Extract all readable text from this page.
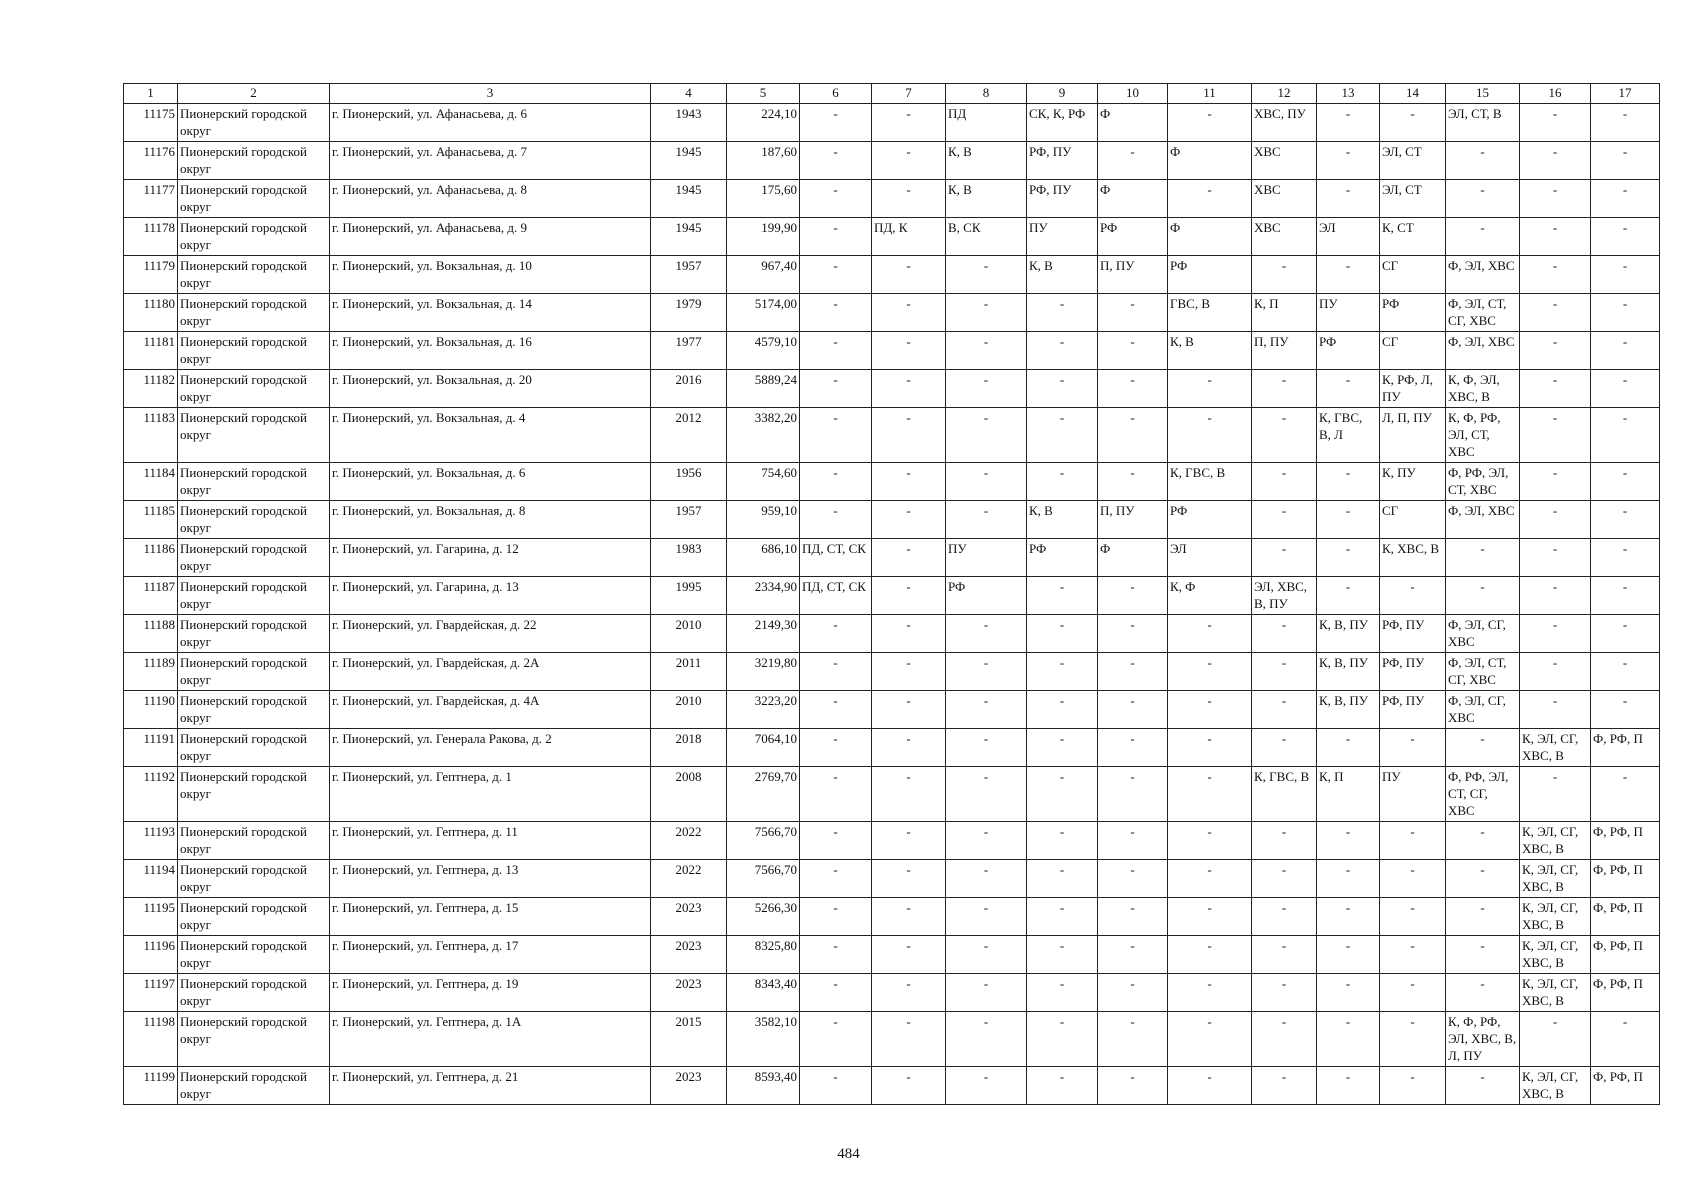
1	2	3	4	5	6	7	8	9	10	11	12	13	14	15	16	17
11175	Пионерский городской округ	г. Пионерский, ул. Афанасьева, д. 6	1943	224,10	-	-	ПД	СК, К, РФ	Ф	-	ХВС, ПУ	-	-	ЭЛ, СТ, В	-	-
11176	Пионерский городской округ	г. Пионерский, ул. Афанасьева, д. 7	1945	187,60	-	-	К, В	РФ, ПУ	-	Ф	ХВС	-	ЭЛ, СТ	-	-	-
11177	Пионерский городской округ	г. Пионерский, ул. Афанасьева, д. 8	1945	175,60	-	-	К, В	РФ, ПУ	Ф	-	ХВС	-	ЭЛ, СТ	-	-	-
11178	Пионерский городской округ	г. Пионерский, ул. Афанасьева, д. 9	1945	199,90	-	ПД, К	В, СК	ПУ	РФ	Ф	ХВС	ЭЛ	К, СТ	-	-	-
11179	Пионерский городской округ	г. Пионерский, ул. Вокзальная, д. 10	1957	967,40	-	-	-	К, В	П, ПУ	РФ	-	-	СГ	Ф, ЭЛ, ХВС	-	-
11180	Пионерский городской округ	г. Пионерский, ул. Вокзальная, д. 14	1979	5174,00	-	-	-	-	-	ГВС, В	К, П	ПУ	РФ	Ф, ЭЛ, СТ, СГ, ХВС	-	-
11181	Пионерский городской округ	г. Пионерский, ул. Вокзальная, д. 16	1977	4579,10	-	-	-	-	-	К, В	П, ПУ	РФ	СГ	Ф, ЭЛ, ХВС	-	-
11182	Пионерский городской округ	г. Пионерский, ул. Вокзальная, д. 20	2016	5889,24	-	-	-	-	-	-	-	-	К, РФ, Л, ПУ	К, Ф, ЭЛ, ХВС, В	-	-
11183	Пионерский городской округ	г. Пионерский, ул. Вокзальная, д. 4	2012	3382,20	-	-	-	-	-	-	-	К, ГВС, В, Л	Л, П, ПУ	К, Ф, РФ, ЭЛ, СТ, ХВС	-	-
11184	Пионерский городской округ	г. Пионерский, ул. Вокзальная, д. 6	1956	754,60	-	-	-	-	-	К, ГВС, В	-	-	К, ПУ	Ф, РФ, ЭЛ, СТ, ХВС	-	-
11185	Пионерский городской округ	г. Пионерский, ул. Вокзальная, д. 8	1957	959,10	-	-	-	К, В	П, ПУ	РФ	-	-	СГ	Ф, ЭЛ, ХВС	-	-
11186	Пионерский городской округ	г. Пионерский, ул. Гагарина, д. 12	1983	686,10	ПД, СТ, СК	-	ПУ	РФ	Ф	ЭЛ	-	-	К, ХВС, В	-	-	-
11187	Пионерский городской округ	г. Пионерский, ул. Гагарина, д. 13	1995	2334,90	ПД, СТ, СК	-	РФ	-	-	К, Ф	ЭЛ, ХВС, В, ПУ	-	-	-	-	-
11188	Пионерский городской округ	г. Пионерский, ул. Гвардейская, д. 22	2010	2149,30	-	-	-	-	-	-	-	К, В, ПУ	РФ, ПУ	Ф, ЭЛ, СГ, ХВС	-	-
11189	Пионерский городской округ	г. Пионерский, ул. Гвардейская, д. 2А	2011	3219,80	-	-	-	-	-	-	-	К, В, ПУ	РФ, ПУ	Ф, ЭЛ, СТ, СГ, ХВС	-	-
11190	Пионерский городской округ	г. Пионерский, ул. Гвардейская, д. 4А	2010	3223,20	-	-	-	-	-	-	-	К, В, ПУ	РФ, ПУ	Ф, ЭЛ, СГ, ХВС	-	-
11191	Пионерский городской округ	г. Пионерский, ул. Генерала Ракова, д. 2	2018	7064,10	-	-	-	-	-	-	-	-	-	-	К, ЭЛ, СГ, ХВС, В	Ф, РФ, П
11192	Пионерский городской округ	г. Пионерский, ул. Гептнера, д. 1	2008	2769,70	-	-	-	-	-	-	К, ГВС, В	К, П	ПУ	Ф, РФ, ЭЛ, СТ, СГ, ХВС	-	-
11193	Пионерский городской округ	г. Пионерский, ул. Гептнера, д. 11	2022	7566,70	-	-	-	-	-	-	-	-	-	-	К, ЭЛ, СГ, ХВС, В	Ф, РФ, П
11194	Пионерский городской округ	г. Пионерский, ул. Гептнера, д. 13	2022	7566,70	-	-	-	-	-	-	-	-	-	-	К, ЭЛ, СГ, ХВС, В	Ф, РФ, П
11195	Пионерский городской округ	г. Пионерский, ул. Гептнера, д. 15	2023	5266,30	-	-	-	-	-	-	-	-	-	-	К, ЭЛ, СГ, ХВС, В	Ф, РФ, П
11196	Пионерский городской округ	г. Пионерский, ул. Гептнера, д. 17	2023	8325,80	-	-	-	-	-	-	-	-	-	-	К, ЭЛ, СГ, ХВС, В	Ф, РФ, П
11197	Пионерский городской округ	г. Пионерский, ул. Гептнера, д. 19	2023	8343,40	-	-	-	-	-	-	-	-	-	-	К, ЭЛ, СГ, ХВС, В	Ф, РФ, П
11198	Пионерский городской округ	г. Пионерский, ул. Гептнера, д. 1А	2015	3582,10	-	-	-	-	-	-	-	-	-	К, Ф, РФ, ЭЛ, ХВС, В, Л, ПУ	-	-
11199	Пионерский городской округ	г. Пионерский, ул. Гептнера, д. 21	2023	8593,40	-	-	-	-	-	-	-	-	-	-	К, ЭЛ, СГ, ХВС, В	Ф, РФ, П
484
